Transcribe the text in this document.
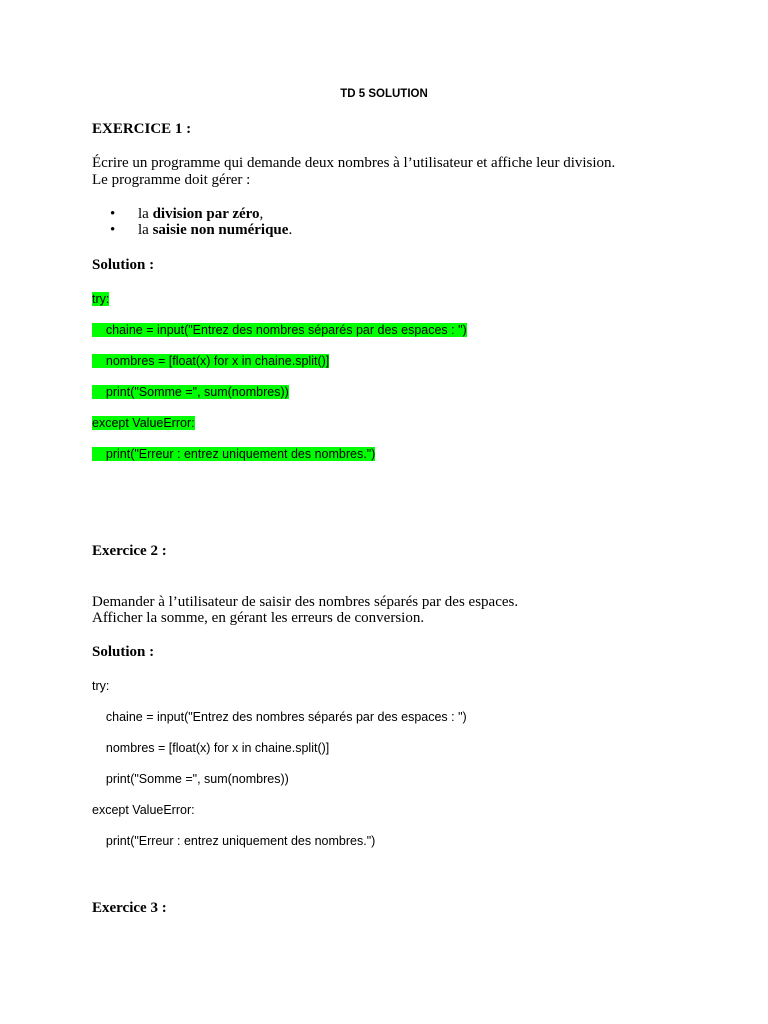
TD 5 SOLUTION
EXERCICE 1 :
Écrire un programme qui demande deux nombres à l’utilisateur et affiche leur division.
Le programme doit gérer :
• la division par zéro,
• la saisie non numérique.
Solution :
try:
chaine = input("Entrez des nombres séparés par des espaces : ")
nombres = [float(x) for x in chaine.split()]
print("Somme =", sum(nombres))
except ValueError:
print("Erreur : entrez uniquement des nombres.")
Exercice 2 :
Demander à l’utilisateur de saisir des nombres séparés par des espaces.
Afficher la somme, en gérant les erreurs de conversion.
Solution :
try:
chaine = input("Entrez des nombres séparés par des espaces : ")
nombres = [float(x) for x in chaine.split()]
print("Somme =", sum(nombres))
except ValueError:
print("Erreur : entrez uniquement des nombres.")
Exercice 3 :
